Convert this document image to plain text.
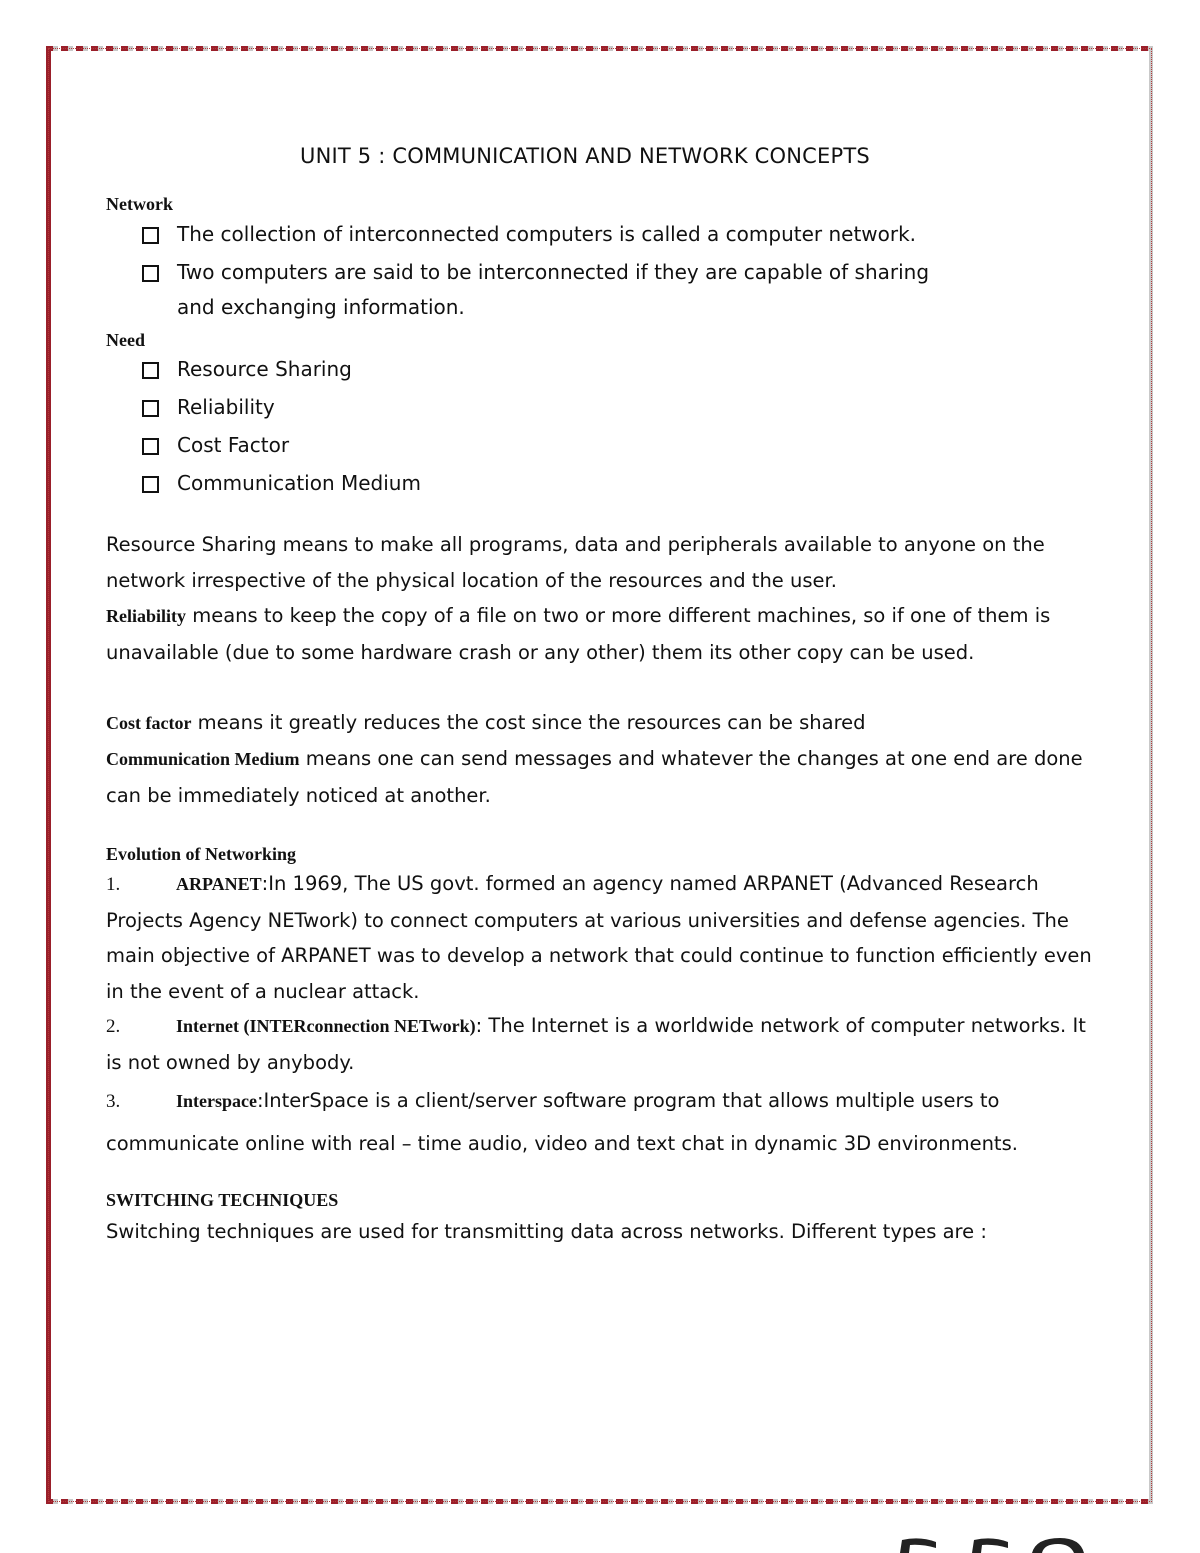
UNIT 5 : COMMUNICATION AND NETWORK CONCEPTS
Network
The collection of interconnected computers is called a computer network.
Two computers are said to be interconnected if they are capable of sharing
and exchanging information.
Need
Resource Sharing
Reliability
Cost Factor
Communication Medium
Resource Sharing means to make all programs, data and peripherals available to anyone on the network irrespective of the physical location of the resources and the user.
Reliability means to keep the copy of a file on two or more different machines, so if one of them is unavailable (due to some hardware crash or any other) them its other copy can be used.
Cost factor means it greatly reduces the cost since the resources can be shared
Communication Medium means one can send messages and whatever the changes at one end are done can be immediately noticed at another.
Evolution of Networking
1.	ARPANET:In 1969, The US govt. formed an agency named ARPANET (Advanced Research Projects Agency NETwork) to connect computers at various universities and defense agencies. The main objective of ARPANET was to develop a network that could continue to function efficiently even in the event of a nuclear attack.
2.	Internet (INTERconnection NETwork): The Internet is a worldwide network of computer networks. It is not owned by anybody.
3.	Interspace:InterSpace is a client/server software program that allows multiple users to communicate online with real – time audio, video and text chat in dynamic 3D environments.
SWITCHING TECHNIQUES
Switching techniques are used for transmitting data across networks. Different types are :
